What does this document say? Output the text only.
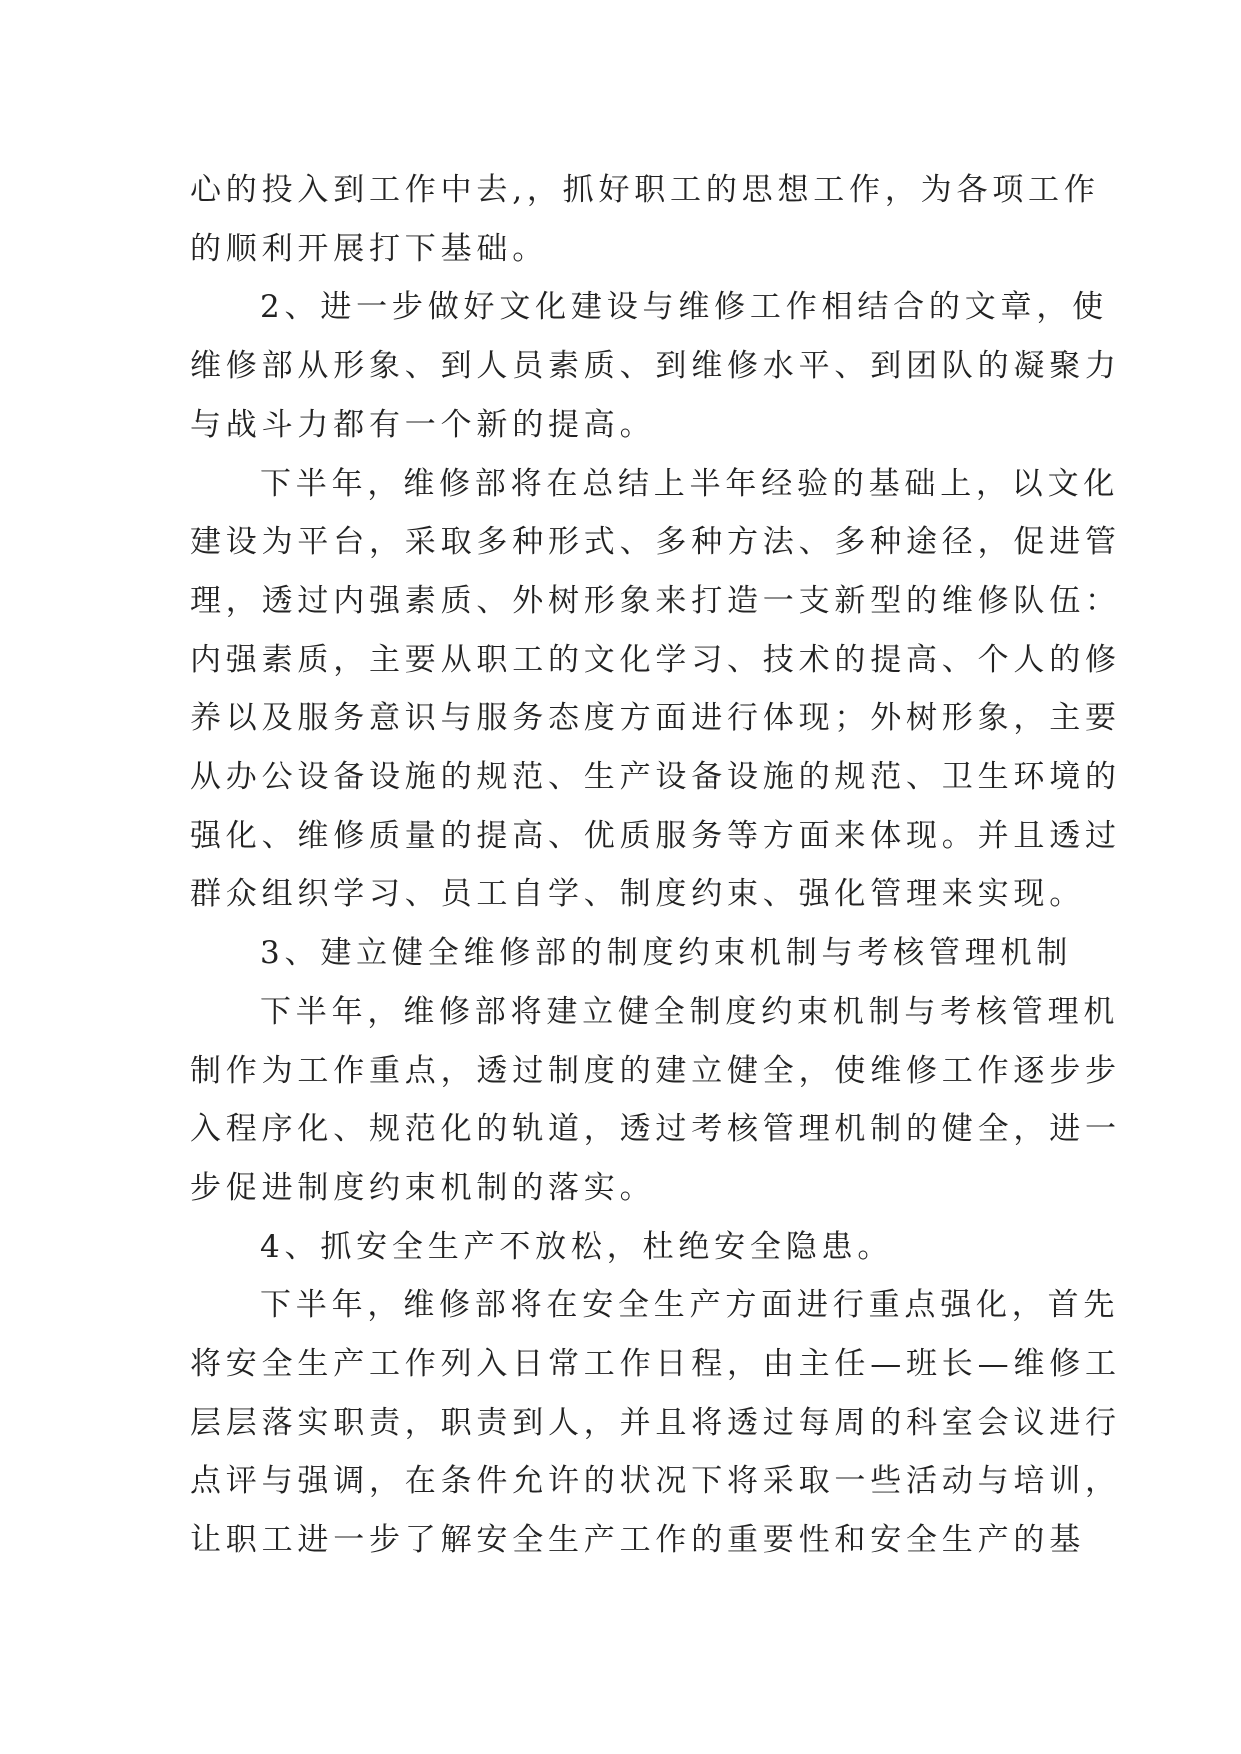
心的投入到工作中去,，抓好职工的思想工作，为各项工作
的顺利开展打下基础。

2、进一步做好文化建设与维修工作相结合的文章，使
维修部从形象、到人员素质、到维修水平、到团队的凝聚力
与战斗力都有一个新的提高。

下半年，维修部将在总结上半年经验的基础上，以文化
建设为平台，采取多种形式、多种方法、多种途径，促进管
理，透过内强素质、外树形象来打造一支新型的维修队伍：
内强素质，主要从职工的文化学习、技术的提高、个人的修
养以及服务意识与服务态度方面进行体现；外树形象，主要
从办公设备设施的规范、生产设备设施的规范、卫生环境的
强化、维修质量的提高、优质服务等方面来体现。并且透过
群众组织学习、员工自学、制度约束、强化管理来实现。

3、建立健全维修部的制度约束机制与考核管理机制

下半年，维修部将建立健全制度约束机制与考核管理机
制作为工作重点，透过制度的建立健全，使维修工作逐步步
入程序化、规范化的轨道，透过考核管理机制的健全，进一
步促进制度约束机制的落实。

4、抓安全生产不放松，杜绝安全隐患。

下半年，维修部将在安全生产方面进行重点强化，首先
将安全生产工作列入日常工作日程，由主任—班长—维修工
层层落实职责，职责到人，并且将透过每周的科室会议进行
点评与强调，在条件允许的状况下将采取一些活动与培训，
让职工进一步了解安全生产工作的重要性和安全生产的基
